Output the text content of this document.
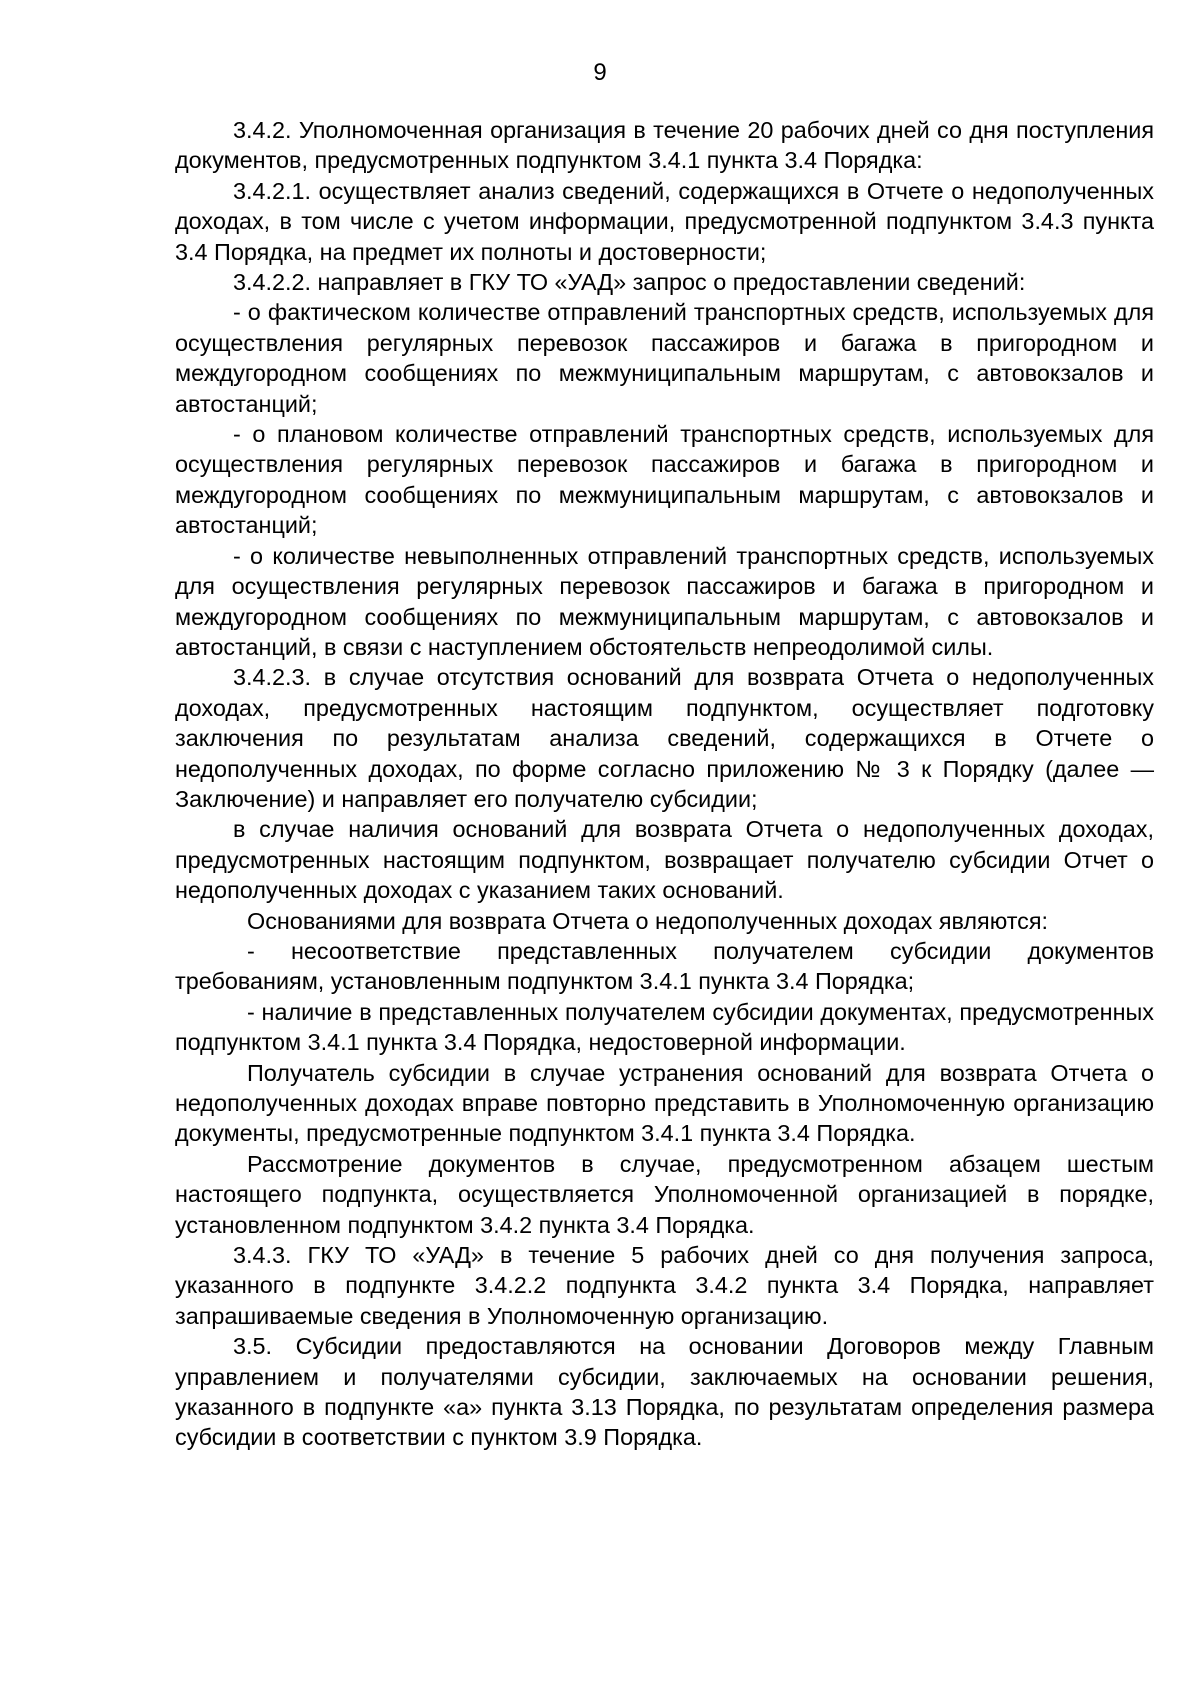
9

3.4.2. Уполномоченная организация в течение 20 рабочих дней со дня поступления документов, предусмотренных подпунктом 3.4.1 пункта 3.4 Порядка:

3.4.2.1. осуществляет анализ сведений, содержащихся в Отчете о недополученных доходах, в том числе с учетом информации, предусмотренной подпунктом 3.4.3 пункта 3.4 Порядка, на предмет их полноты и достоверности;

3.4.2.2. направляет в ГКУ ТО «УАД» запрос о предоставлении сведений:

- о фактическом количестве отправлений транспортных средств, используемых для осуществления регулярных перевозок пассажиров и багажа в пригородном и междугородном сообщениях по межмуниципальным маршрутам, с автовокзалов и автостанций;

- о плановом количестве отправлений транспортных средств, используемых для осуществления регулярных перевозок пассажиров и багажа в пригородном и междугородном сообщениях по межмуниципальным маршрутам, с автовокзалов и автостанций;

- о количестве невыполненных отправлений транспортных средств, используемых для осуществления регулярных перевозок пассажиров и багажа в пригородном и междугородном сообщениях по межмуниципальным маршрутам, с автовокзалов и автостанций, в связи с наступлением обстоятельств непреодолимой силы.

3.4.2.3. в случае отсутствия оснований для возврата Отчета о недополученных доходах, предусмотренных настоящим подпунктом, осуществляет подготовку заключения по результатам анализа сведений, содержащихся в Отчете о недополученных доходах, по форме согласно приложению № 3 к Порядку (далее — Заключение) и направляет его получателю субсидии;

в случае наличия оснований для возврата Отчета о недополученных доходах, предусмотренных настоящим подпунктом, возвращает получателю субсидии Отчет о недополученных доходах с указанием таких оснований.

Основаниями для возврата Отчета о недополученных доходах являются:

- несоответствие представленных получателем субсидии документов требованиям, установленным подпунктом 3.4.1 пункта 3.4 Порядка;

- наличие в представленных получателем субсидии документах, предусмотренных подпунктом 3.4.1 пункта 3.4 Порядка, недостоверной информации.

Получатель субсидии в случае устранения оснований для возврата Отчета о недополученных доходах вправе повторно представить в Уполномоченную организацию документы, предусмотренные подпунктом 3.4.1 пункта 3.4 Порядка.

Рассмотрение документов в случае, предусмотренном абзацем шестым настоящего подпункта, осуществляется Уполномоченной организацией в порядке, установленном подпунктом 3.4.2 пункта 3.4 Порядка.

3.4.3. ГКУ ТО «УАД» в течение 5 рабочих дней со дня получения запроса, указанного в подпункте 3.4.2.2 подпункта 3.4.2 пункта 3.4 Порядка, направляет запрашиваемые сведения в Уполномоченную организацию.

3.5. Субсидии предоставляются на основании Договоров между Главным управлением и получателями субсидии, заключаемых на основании решения, указанного в подпункте «а» пункта 3.13 Порядка, по результатам определения размера субсидии в соответствии с пунктом 3.9 Порядка.
